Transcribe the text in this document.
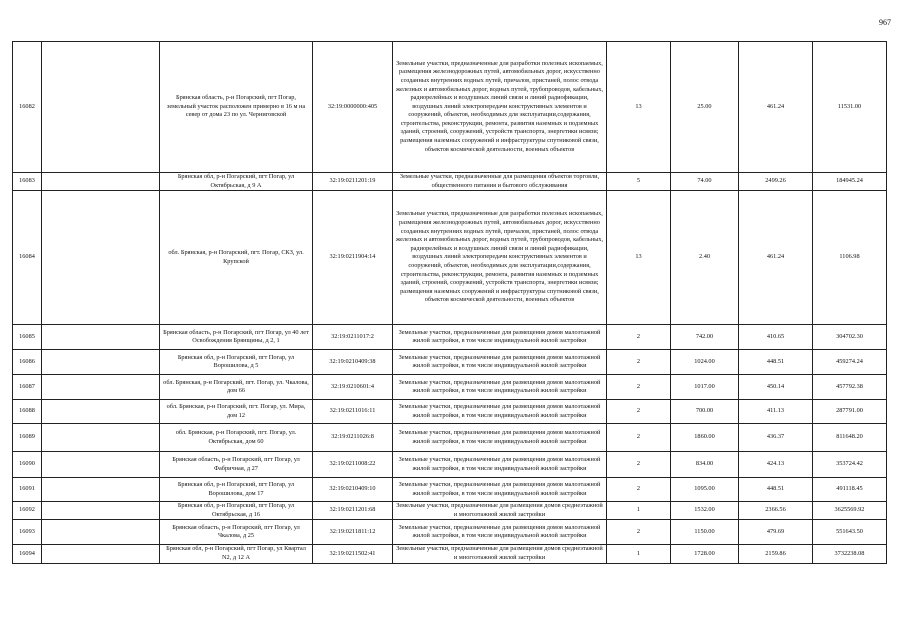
967
16082		Брянская область, р-н Погарский, пгт Погар, земельный участок расположен примерно в 16 м на север от дома 23 по ул. Черниговской	32:19:0000000:405	Земельные участки, предназначенные для разработки полезных ископаемых, размещения железнодорожных путей, автомобильных дорог, искусственно созданных внутренних водных путей, причалов, пристаней, полос отвода железных и автомобильных дорог, водных путей, трубопроводов, кабельных, радиорелейных и воздушных линий связи и линий радиофикации, воздушных линий электропередачи конструктивных элементов и сооружений, объектов, необходимых для эксплуатации,содержания, строительства, реконструкции, ремонта, развития наземных и подземных зданий, строений, сооружений, устройств транспорта, энергетики исвязи; размещения наземных сооружений и инфраструктуры спутниковой связи, объектов космической деятельности, военных объектов	13	25.00	461.24	11531.00
16083		Брянская обл, р-н Погарский, пгт Погар, ул Октябрьская, д 9 А	32:19:0211201:19	Земельные участки, предназначенные для размещения объектов торговли, общественного питания и бытового обслуживания	5	74.00	2499.26	184945.24
16084		обл. Брянская, р-н Погарский, пгт. Погар, СКЗ, ул. Крупской	32:19:0211904:14	Земельные участки, предназначенные для разработки полезных ископаемых, размещения железнодорожных путей, автомобильных дорог, искусственно созданных внутренних водных путей, причалов, пристаней, полос отвода железных и автомобильных дорог, водных путей, трубопроводов, кабельных, радиорелейных и воздушных линий связи и линий радиофикации, воздушных линий электропередачи конструктивных элементов и сооружений, объектов, необходимых для эксплуатации,содержания, строительства, реконструкции, ремонта, развития наземных и подземных зданий, строений, сооружений, устройств транспорта, энергетики исвязи; размещения наземных сооружений и инфраструктуры спутниковой связи, объектов космической деятельности, военных объектов	13	2.40	461.24	1106.98
16085		Брянская область, р-н Погарский, пгт Погар, ул 40 лет Освобождения Брянщины, д 2, 1	32:19:0211017:2	Земельные участки, предназначенные для размещения домов малоэтажной жилой застройки, в том числе индивидуальной жилой застройки	2	742.00	410.65	304702.30
16086		Брянская обл, р-н Погарский, пгт Погар, ул Ворошилова, д 5	32:19:0210409:38	Земельные участки, предназначенные для размещения домов малоэтажной жилой застройки, в том числе индивидуальной жилой застройки	2	1024.00	448.51	459274.24
16087		обл. Брянская, р-н Погарский, пгт. Погар, ул. Чкалова, дом 66	32:19:0210601:4	Земельные участки, предназначенные для размещения домов малоэтажной жилой застройки, в том числе индивидуальной жилой застройки	2	1017.00	450.14	457792.38
16088		обл. Брянская, р-н Погарский, пгт. Погар, ул. Мира, дом 12	32:19:0211016:11	Земельные участки, предназначенные для размещения домов малоэтажной жилой застройки, в том числе индивидуальной жилой застройки	2	700.00	411.13	287791.00
16089		обл. Брянская, р-н Погарский, пгт. Погар, ул. Октябрьская, дом 60	32:19:0211026:8	Земельные участки, предназначенные для размещения домов малоэтажной жилой застройки, в том числе индивидуальной жилой застройки	2	1860.00	436.37	811648.20
16090		Брянская область, р-н Погарский, пгт Погар, ул Фабричная, д 27	32:19:0211008:22	Земельные участки, предназначенные для размещения домов малоэтажной жилой застройки, в том числе индивидуальной жилой застройки	2	834.00	424.13	353724.42
16091		Брянская обл, р-н Погарский, пгт Погар, ул Ворошилова, дом 17	32:19:0210409:10	Земельные участки, предназначенные для размещения домов малоэтажной жилой застройки, в том числе индивидуальной жилой застройки	2	1095.00	448.51	491118.45
16092		Брянская обл, р-н Погарский, пгт Погар, ул Октябрьская, д 16	32:19:0211201:68	Земельные участки, предназначенные для размещения домов среднеэтажной и многоэтажной жилой застройки	1	1532.00	2366.56	3625569.92
16093		Брянская область, р-н Погарский, пгт Погар, ул Чкалова, д 25	32:19:0211811:12	Земельные участки, предназначенные для размещения домов малоэтажной жилой застройки, в том числе индивидуальной жилой застройки	2	1150.00	479.69	551643.50
16094		Брянская обл, р-н Погарский, пгт Погар, ул Квартал N2, д 12 А	32:19:0211502:41	Земельные участки, предназначенные для размещения домов среднеэтажной и многоэтажной жилой застройки	1	1728.00	2159.86	3732238.08
